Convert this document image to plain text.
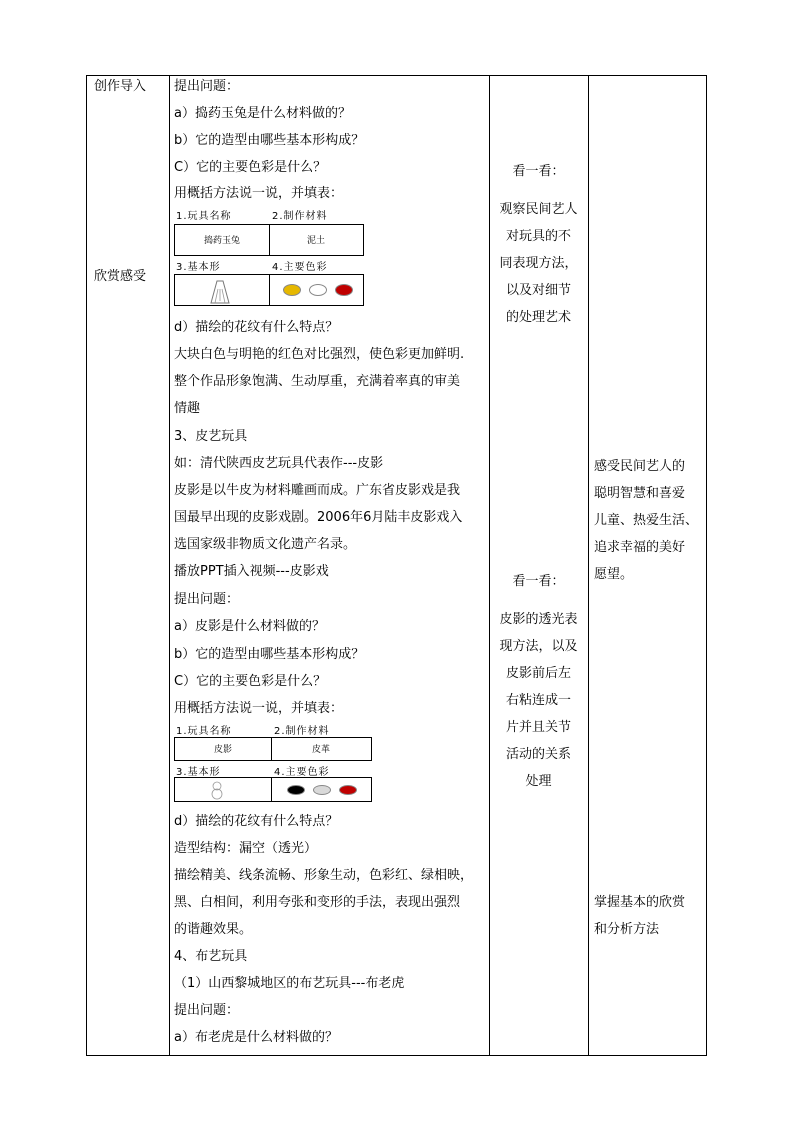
创作导入
欣赏感受
提出问题：
a）捣药玉兔是什么材料做的？
b）它的造型由哪些基本形构成？
C）它的主要色彩是什么？
用概括方法说一说，并填表：
1.玩具名称	2.制作材料
捣药玉兔	泥土
3.基本形	4.主要色彩
d）描绘的花纹有什么特点？
大块白色与明艳的红色对比强烈，使色彩更加鲜明.
整个作品形象饱满、生动厚重，充满着率真的审美
情趣
3、皮艺玩具
如：清代陕西皮艺玩具代表作---皮影
皮影是以牛皮为材料雕画而成。广东省皮影戏是我
国最早出现的皮影戏剧。2006年6月陆丰皮影戏入
选国家级非物质文化遗产名录。
播放PPT插入视频---皮影戏
提出问题：
a）皮影是什么材料做的？
b）它的造型由哪些基本形构成？
C）它的主要色彩是什么？
用概括方法说一说，并填表：
1.玩具名称	2.制作材料
皮影	皮革
3.基本形	4.主要色彩
d）描绘的花纹有什么特点？
造型结构：漏空（透光）
描绘精美、线条流畅、形象生动，色彩红、绿相映，
黑、白相间，利用夸张和变形的手法，表现出强烈
的谐趣效果。
4、布艺玩具
（1）山西黎城地区的布艺玩具---布老虎
提出问题：
a）布老虎是什么材料做的？
看一看：
观察民间艺人
对玩具的不
同表现方法，
以及对细节
的处理艺术
看一看：
皮影的透光表
现方法，以及
皮影前后左
右粘连成一
片并且关节
活动的关系
处理
感受民间艺人的
聪明智慧和喜爱
儿童、热爱生活、
追求幸福的美好
愿望。
掌握基本的欣赏
和分析方法
